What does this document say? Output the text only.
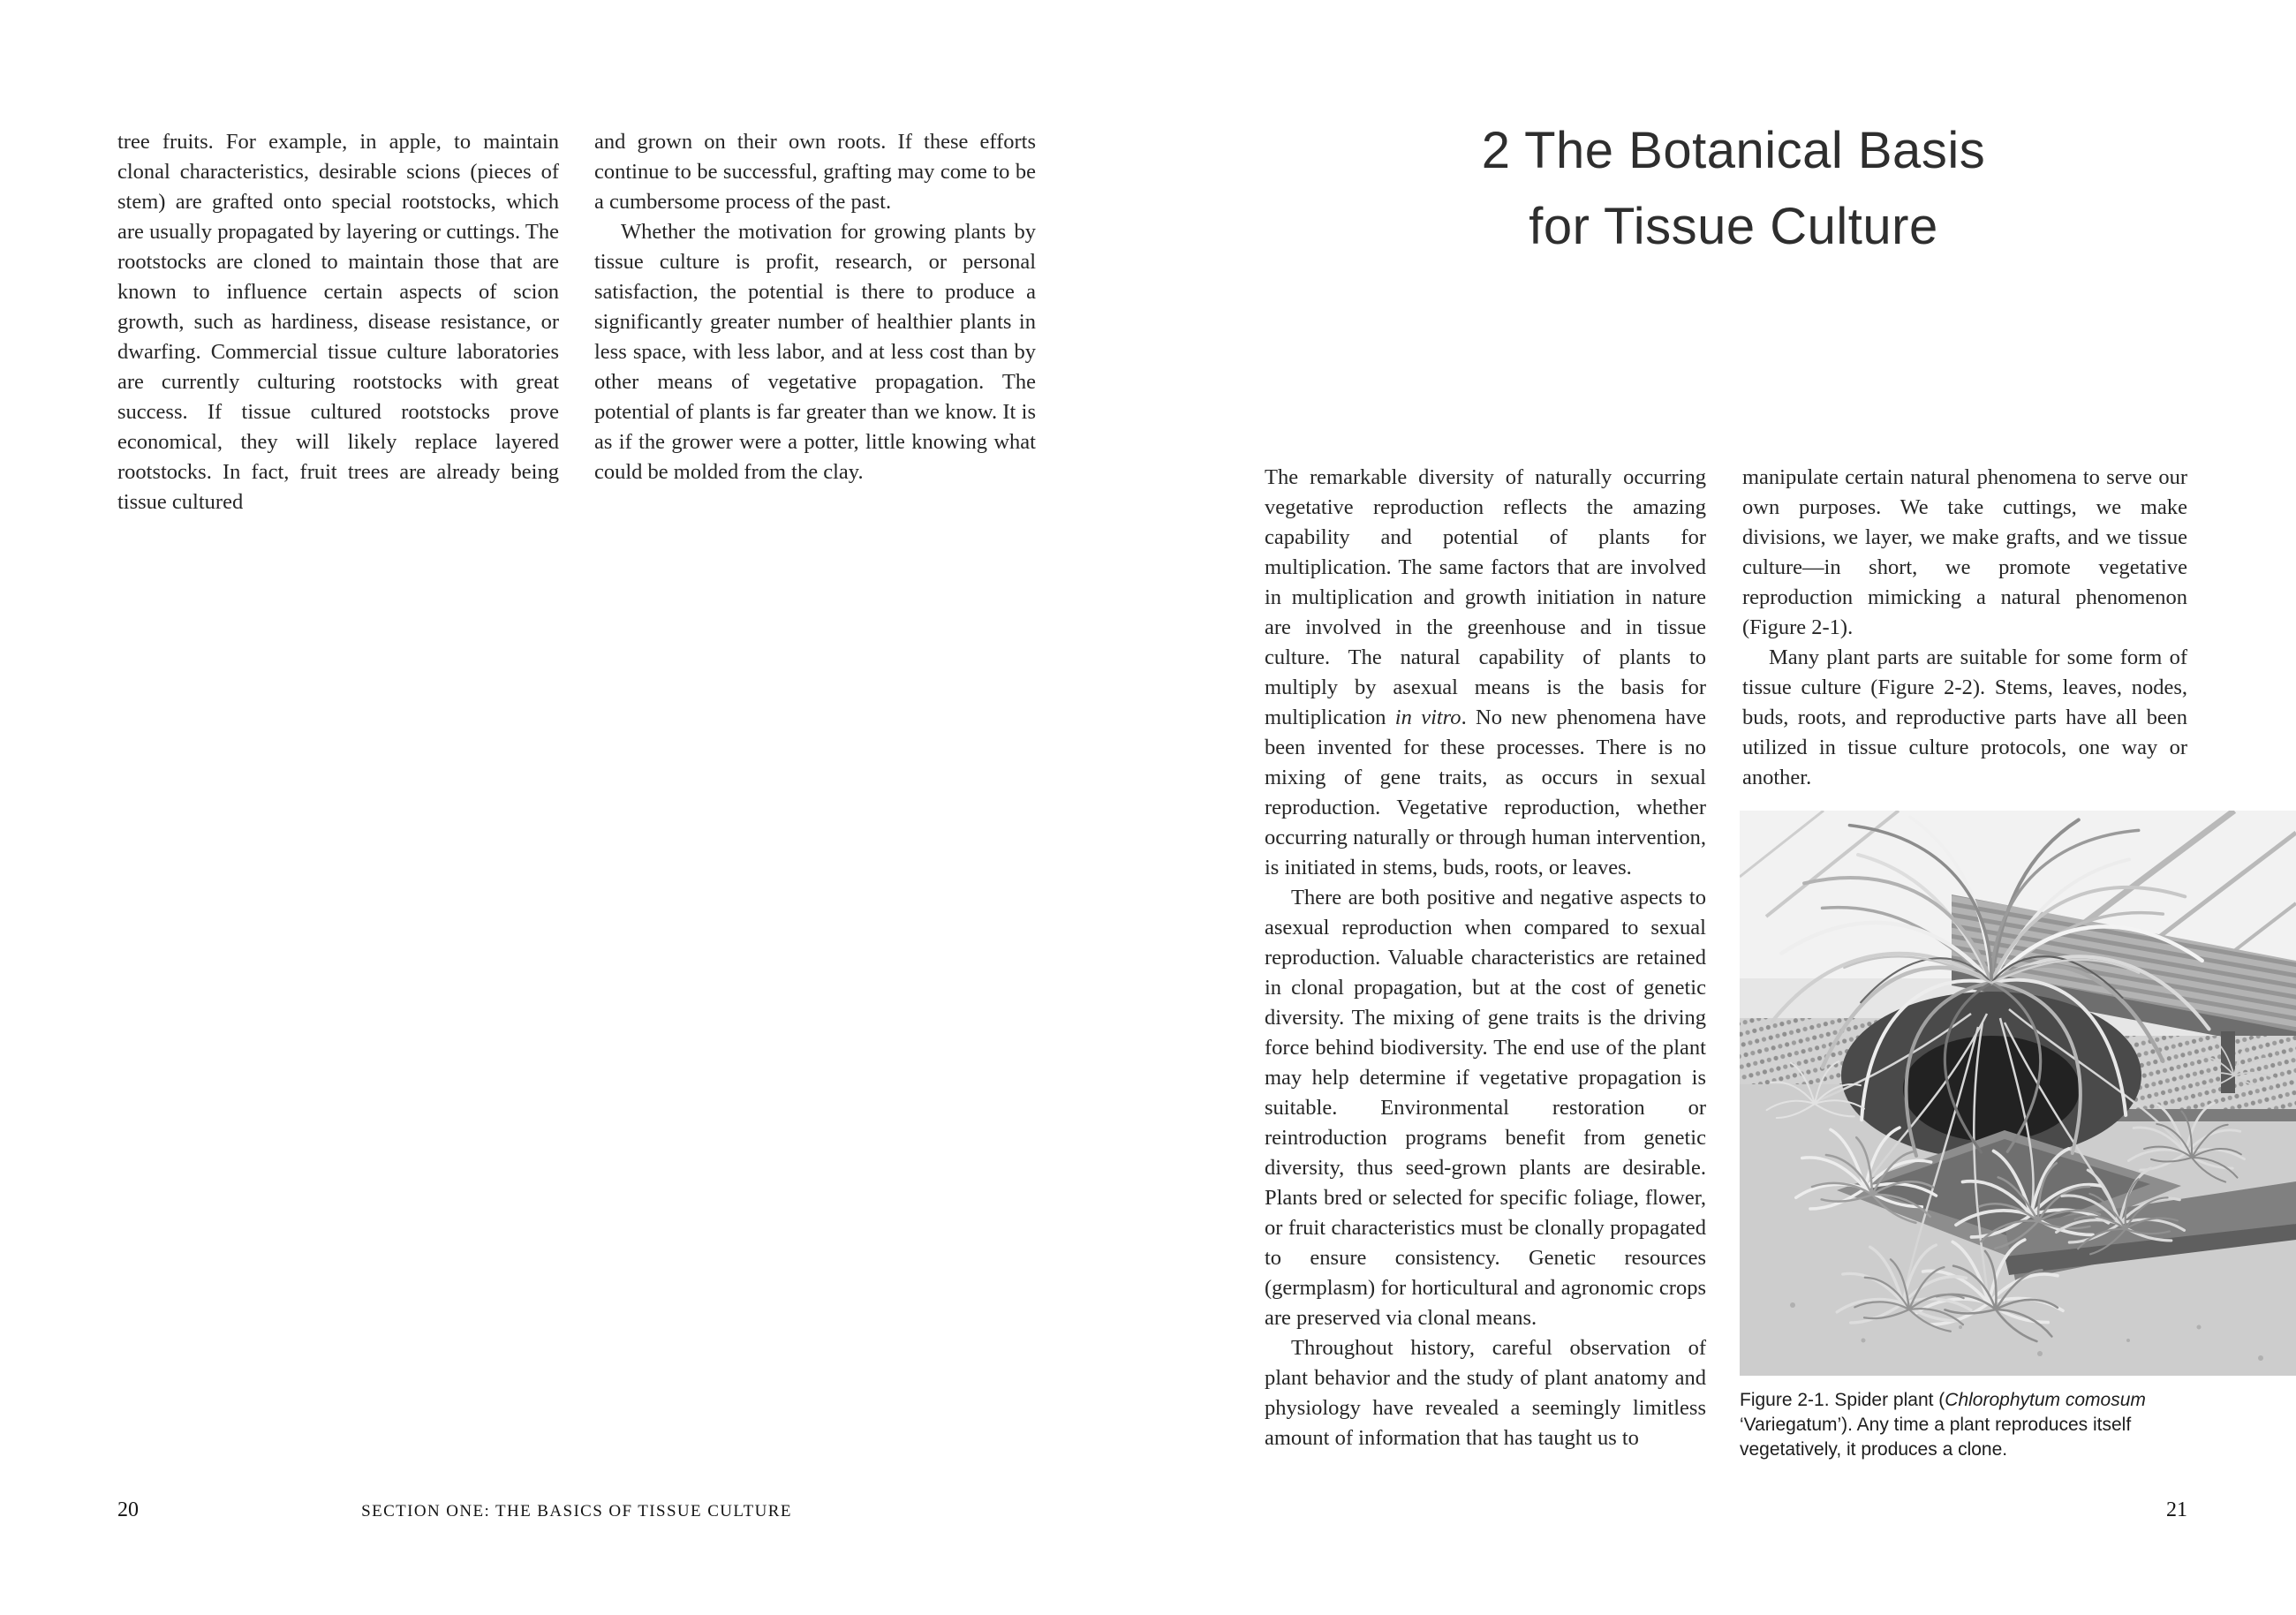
tree fruits. For example, in apple, to maintain clonal characteristics, desirable scions (pieces of stem) are grafted onto special rootstocks, which are usually propagated by layering or cuttings. The rootstocks are cloned to maintain those that are known to influence certain aspects of scion growth, such as hardiness, disease resistance, or dwarfing. Commercial tissue culture laboratories are currently culturing rootstocks with great success. If tissue cultured rootstocks prove economical, they will likely replace layered rootstocks. In fact, fruit trees are already being tissue cultured

and grown on their own roots. If these efforts continue to be successful, grafting may come to be a cumbersome process of the past.

Whether the motivation for growing plants by tissue culture is profit, research, or personal satisfaction, the potential is there to produce a significantly greater number of healthier plants in less space, with less labor, and at less cost than by other means of vegetative propagation. The potential of plants is far greater than we know. It is as if the grower were a potter, little knowing what could be molded from the clay.

20	SECTION ONE: THE BASICS OF TISSUE CULTURE
2 The Botanical Basis
for Tissue Culture

The remarkable diversity of naturally occurring vegetative reproduction reflects the amazing capability and potential of plants for multiplication. The same factors that are involved in multiplication and growth initiation in nature are involved in the greenhouse and in tissue culture. The natural capability of plants to multiply by asexual means is the basis for multiplication in vitro. No new phenomena have been invented for these processes. There is no mixing of gene traits, as occurs in sexual reproduction. Vegetative reproduction, whether occurring naturally or through human intervention, is initiated in stems, buds, roots, or leaves.

There are both positive and negative aspects to asexual reproduction when compared to sexual reproduction. Valuable characteristics are retained in clonal propagation, but at the cost of genetic diversity. The mixing of gene traits is the driving force behind biodiversity. The end use of the plant may help determine if vegetative propagation is suitable. Environmental restoration or reintroduction programs benefit from genetic diversity, thus seed-grown plants are desirable. Plants bred or selected for specific foliage, flower, or fruit characteristics must be clonally propagated to ensure consistency. Genetic resources (germplasm) for horticultural and agronomic crops are preserved via clonal means.

Throughout history, careful observation of plant behavior and the study of plant anatomy and physiology have revealed a seemingly limitless amount of information that has taught us to

manipulate certain natural phenomena to serve our own purposes. We take cuttings, we make divisions, we layer, we make grafts, and we tissue culture—in short, we promote vegetative reproduction mimicking a natural phenomenon (Figure 2-1).

Many plant parts are suitable for some form of tissue culture (Figure 2-2). Stems, leaves, nodes, buds, roots, and reproductive parts have all been utilized in tissue culture protocols, one way or another.

Figure 2-1. Spider plant (Chlorophytum comosum ‘Variegatum’). Any time a plant reproduces itself vegetatively, it produces a clone.

21
